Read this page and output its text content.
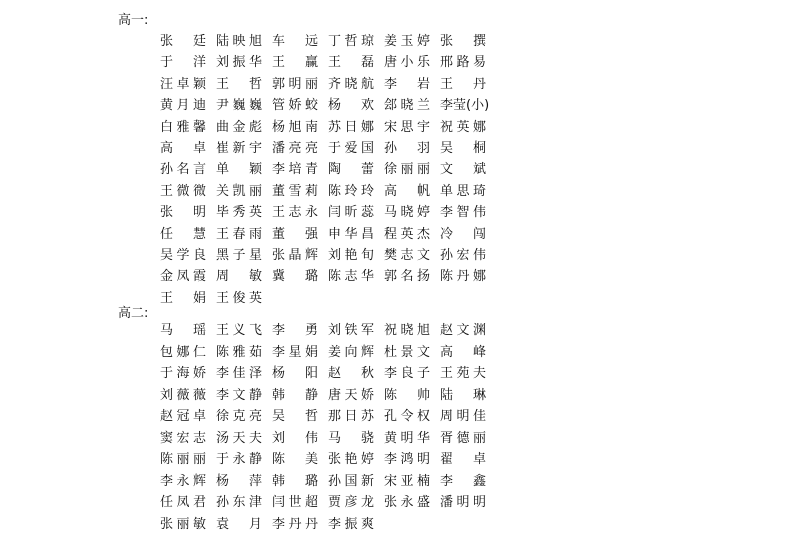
高一:
张廷 陆映旭 车远 丁哲琼 姜玉婷 张撰
于洋 刘振华 王赢 王磊 唐小乐 邢路易
汪卓颖 王哲 郭明丽 齐晓航 李岩 王丹
黄月迪 尹巍巍 管娇蛟 杨欢 郐晓兰 李莹(小)
白雅馨 曲金彪 杨旭南 苏日娜 宋思宇 祝英娜
高卓 崔新宇 潘亮亮 于爱国 孙羽 吴桐
孙名言 单颖 李培青 陶蕾 徐丽丽 文斌
王微微 关凯丽 董雪莉 陈玲玲 高帆 单思琦
张明 毕秀英 王志永 闫昕蕊 马晓婷 李智伟
任慧 王春雨 董强 申华昌 程英杰 冷闯
吴学良 黑子星 张晶辉 刘艳旬 樊志文 孙宏伟
金凤霞 周敏 冀璐 陈志华 郭名扬 陈丹娜
王娟 王俊英
高二:
马瑶 王义飞 李勇 刘铁军 祝晓旭 赵文渊
包娜仁 陈雅茹 李星娟 姜向辉 杜景文 高峰
于海娇 李佳泽 杨阳 赵秋 李良子 王苑夫
刘薇薇 李文静 韩静 唐天娇 陈帅 陆琳
赵冠卓 徐克亮 吴哲 那日苏 孔令权 周明佳
窦宏志 汤天夫 刘伟 马骁 黄明华 胥德丽
陈丽丽 于永静 陈美 张艳婷 李鸿明 翟卓
李永辉 杨萍 韩璐 孙国新 宋亚楠 李鑫
任凤君 孙东津 闫世超 贾彦龙 张永盛 潘明明
张丽敏 袁月 李丹丹 李振爽
